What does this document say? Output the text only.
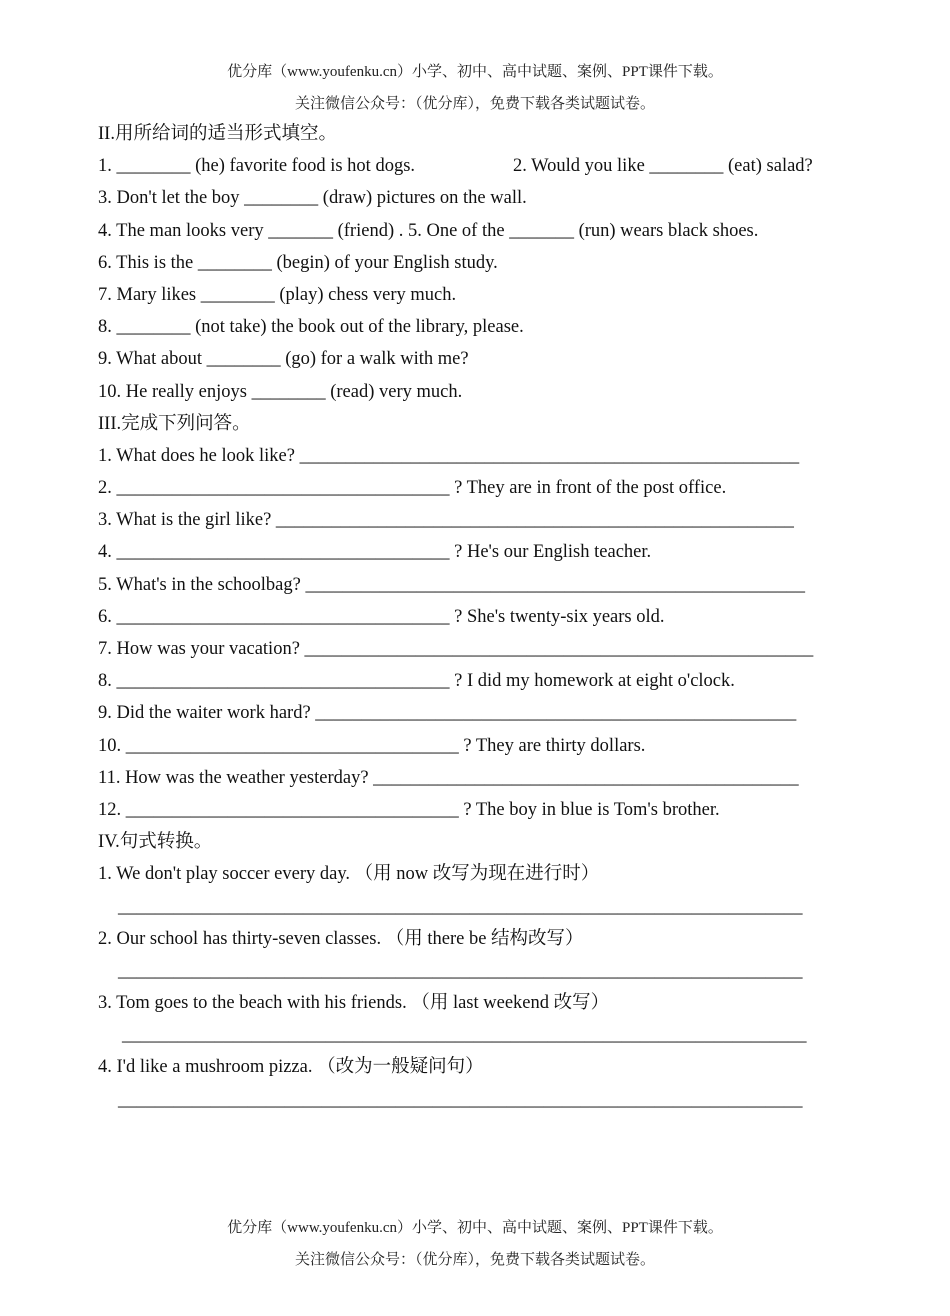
优分库（www.youfenku.cn）小学、初中、高中试题、案例、PPT课件下载。
关注微信公众号：（优分库），免费下载各类试题试卷。
II.用所给词的适当形式填空。
1. ________ (he) favorite food is hot dogs.	2. Would you like ________ (eat) salad?
3. Don't let the boy ________ (draw) pictures on the wall.
4. The man looks very _______ (friend) . 5. One of the _______ (run) wears black shoes.
6. This is the ________ (begin) of your English study.
7. Mary likes ________ (play) chess very much.
8. ________ (not take) the book out of the library, please.
9. What about ________ (go) for a walk with me?
10. He really enjoys ________ (read) very much.
III.完成下列问答。
1. What does he look like? ______________________________________________________
2. ____________________________________ ? They are in front of the post office.
3. What is the girl like? ________________________________________________________
4. ____________________________________ ? He's our English teacher.
5. What's in the schoolbag? ______________________________________________________
6. ____________________________________ ? She's twenty-six years old.
7. How was your vacation? _______________________________________________________
8. ____________________________________ ? I did my homework at eight o'clock.
9. Did the waiter work hard? ____________________________________________________
10. ____________________________________ ? They are thirty dollars.
11. How was the weather yesterday? ______________________________________________
12. ____________________________________ ? The boy in blue is Tom's brother.
IV.句式转换。
1. We don't play soccer every day. （用 now 改写为现在进行时）
__________________________________________________________________________
2. Our school has thirty-seven classes. （用 there be 结构改写）
__________________________________________________________________________
3. Tom goes to the beach with his friends. （用 last weekend 改写）
__________________________________________________________________________
4. I'd like a mushroom pizza. （改为一般疑问句）
__________________________________________________________________________
优分库（www.youfenku.cn）小学、初中、高中试题、案例、PPT课件下载。
关注微信公众号：（优分库），免费下载各类试题试卷。
